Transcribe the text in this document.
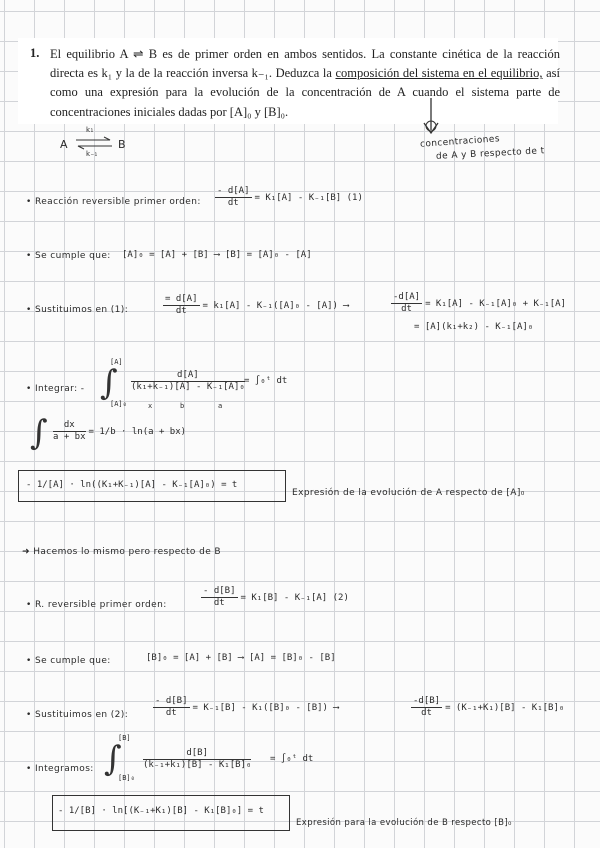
1. El equilibrio A ⇌ B es de primer orden en ambos sentidos. La constante cinética de la reacción directa es k₁ y la de la reacción inversa k₋₁. Deduzca la composición del sistema en el equilibrio, así como una expresión para la evolución de la concentración de A cuando el sistema parte de concentraciones iniciales dadas por [A]₀ y [B]₀.
A
k₁
k₋₁
B	concentraciones
de A y B respecto de t
• Reacción reversible primer orden: $\frac{- d[A]}{dt} = K_1[A] - K_{-1}[B]$ (1)
• Se cumple que: [A]₀ = [A] + [B] ⟶ [B] = [A]₀ - [A]
• Sustituimos en (1):	$\frac{= d[A]}{dt} = k_1[A] - K_{-1}([A]_0 - [A])$ ⟶	$\frac{-d[A]}{dt} = K_1[A] - K_{-1}[A]_0 + K_{-1}[A]$
= [A](k₁+k₂) - K₋₁[A]₀
• Integrar: -
[A]
∫
[A]₀
$\frac{d[A]}{\text{(k₁+k₋₁)[A] - K₋₁[A]₀}}$
x	b	a
= ∫₀ᵗ dt
∫ $\frac{dx}{a + bx} = 1/b \cdot \ln(a + bx)$
- 1/[A] · ln((K₁+K₋₁)[A] - K₋₁[A]₀) = t
Expresión de la evolución de A respecto de [A]₀
➜ Hacemos lo mismo pero respecto de B
• R. reversible primer orden:	$\frac{- d[B]}{dt} = K_1[B] - K_{-1}[A]$ (2)
• Se cumple que:	[B]₀ = [A] + [B] ⟶ [A] = [B]₀ - [B]
• Sustituimos en (2):	$\frac{- d[B]}{dt} = K_{-1}[B] - K_1([B]_0 - [B])$ ⟶	$\frac{-d[B]}{dt} = (K_{-1}+K_1)[B] - K_1[B]_0$
• Integramos:
[B]
∫
[B]₀
$\frac{d[B]}{\text{(k₋₁+k₁)[B] - K₁[B]₀}}$ = ∫₀ᵗ dt
- 1/[B] · ln[(K₋₁+K₁)[B] - K₁[B]₀] = t
Expresión para la evolución de B respecto [B]₀
